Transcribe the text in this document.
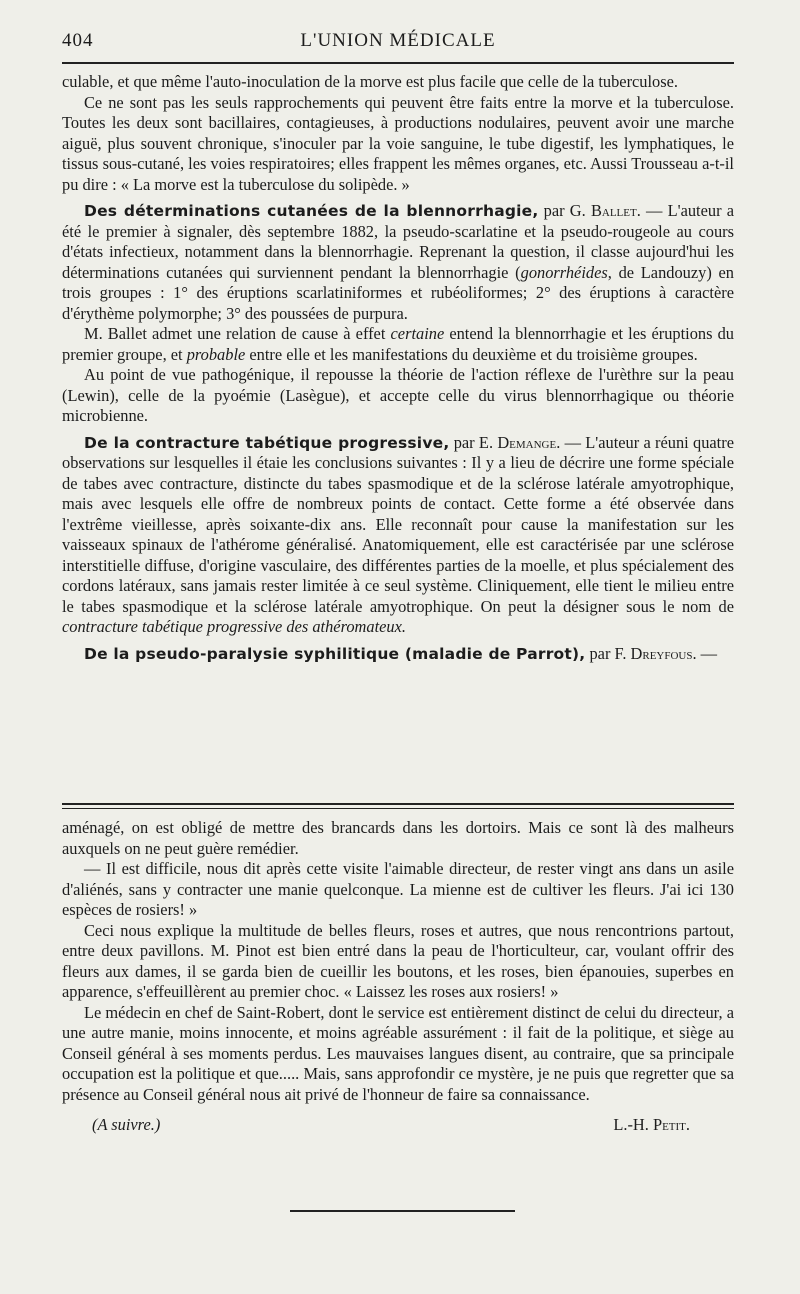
404	L'UNION MÉDICALE

culable, et que même l'auto-inoculation de la morve est plus facile que celle de la tuberculose.

Ce ne sont pas les seuls rapprochements qui peuvent être faits entre la morve et la tuberculose. Toutes les deux sont bacillaires, contagieuses, à productions nodulaires, peuvent avoir une marche aiguë, plus souvent chronique, s'inoculer par la voie sanguine, le tube digestif, les lymphatiques, le tissus sous-cutané, les voies respiratoires; elles frappent les mêmes organes, etc. Aussi Trousseau a-t-il pu dire : « La morve est la tuberculose du solipède. »

Des déterminations cutanées de la blennorrhagie, par G. Ballet. — L'auteur a été le premier à signaler, dès septembre 1882, la pseudo-scarlatine et la pseudo-rougeole au cours d'états infectieux, notamment dans la blennorrhagie. Reprenant la question, il classe aujourd'hui les déterminations cutanées qui surviennent pendant la blennorrhagie (gonorrhéides, de Landouzy) en trois groupes : 1° des éruptions scarlatiniformes et rubéoliformes; 2° des éruptions à caractère d'érythème polymorphe; 3° des poussées de purpura.

M. Ballet admet une relation de cause à effet certaine entend la blennorrhagie et les éruptions du premier groupe, et probable entre elle et les manifestations du deuxième et du troisième groupes.

Au point de vue pathogénique, il repousse la théorie de l'action réflexe de l'urèthre sur la peau (Lewin), celle de la pyoémie (Lasègue), et accepte celle du virus blennorrhagique ou théorie microbienne.

De la contracture tabétique progressive, par E. Demange. — L'auteur a réuni quatre observations sur lesquelles il étaie les conclusions suivantes : Il y a lieu de décrire une forme spéciale de tabes avec contracture, distincte du tabes spasmodique et de la sclérose latérale amyotrophique, mais avec lesquels elle offre de nombreux points de contact. Cette forme a été observée dans l'extrême vieillesse, après soixante-dix ans. Elle reconnaît pour cause la manifestation sur les vaisseaux spinaux de l'athérome généralisé. Anatomiquement, elle est caractérisée par une sclérose interstitielle diffuse, d'origine vasculaire, des différentes parties de la moelle, et plus spécialement des cordons latéraux, sans jamais rester limitée à ce seul système. Cliniquement, elle tient le milieu entre le tabes spasmodique et la sclérose latérale amyotrophique. On peut la désigner sous le nom de contracture tabétique progressive des athéromateux.

De la pseudo-paralysie syphilitique (maladie de Parrot), par F. Dreyfous. —

aménagé, on est obligé de mettre des brancards dans les dortoirs. Mais ce sont là des malheurs auxquels on ne peut guère remédier.

— Il est difficile, nous dit après cette visite l'aimable directeur, de rester vingt ans dans un asile d'aliénés, sans y contracter une manie quelconque. La mienne est de cultiver les fleurs. J'ai ici 130 espèces de rosiers! »

Ceci nous explique la multitude de belles fleurs, roses et autres, que nous rencontrions partout, entre deux pavillons. M. Pinot est bien entré dans la peau de l'horticulteur, car, voulant offrir des fleurs aux dames, il se garda bien de cueillir les boutons, et les roses, bien épanouies, superbes en apparence, s'effeuillèrent au premier choc. « Laissez les roses aux rosiers! »

Le médecin en chef de Saint-Robert, dont le service est entièrement distinct de celui du directeur, a une autre manie, moins innocente, et moins agréable assurément : il fait de la politique, et siège au Conseil général à ses moments perdus. Les mauvaises langues disent, au contraire, que sa principale occupation est la politique et que..... Mais, sans approfondir ce mystère, je ne puis que regretter que sa présence au Conseil général nous ait privé de l'honneur de faire sa connaissance.

(A suivre.)	L.-H. Petit.
